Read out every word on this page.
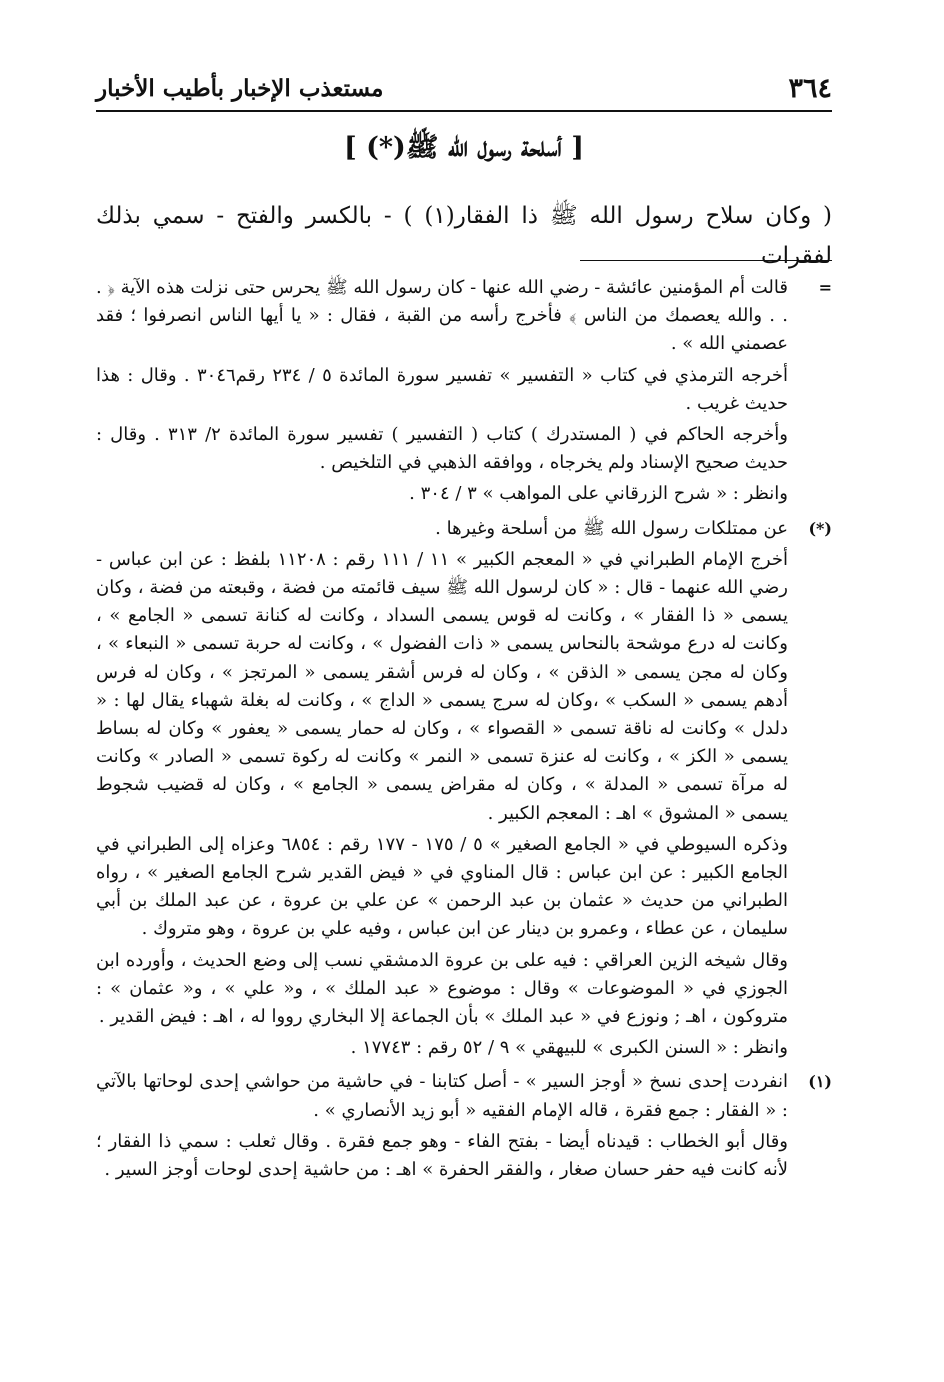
٣٦٤
مستعذب الإخبار بأطيب الأخبار
[ أسلحة رسول الله ﷺ(*) ]
( وكان سلاح رسول الله ﷺ ذا الفقار(١) ) - بالكسر والفتح - سمي بذلك لفقرات
=

قالت أم المؤمنين عائشة - رضي الله عنها - كان رسول الله ﷺ يحرس حتى نزلت هذه الآية ﴿ . . . والله يعصمك من الناس ﴾ فأخرج رأسه من القبة ، فقال : « يا أيها الناس انصرفوا ؛ فقد عصمني الله » .

أخرجه الترمذي في كتاب « التفسير » تفسير سورة المائدة ٥ / ٢٣٤ رقم٣٠٤٦ . وقال : هذا حديث غريب .

وأخرجه الحاكم في ( المستدرك ) كتاب ( التفسير ) تفسير سورة المائدة ٢/ ٣١٣ . وقال : حديث صحيح الإسناد ولم يخرجاه ، ووافقه الذهبي في التلخيص .

وانظر : « شرح الزرقاني على المواهب » ٣ / ٣٠٤ .

(*)

عن ممتلكات رسول الله ﷺ من أسلحة وغيرها .

أخرج الإمام الطبراني في « المعجم الكبير » ١١ / ١١١ رقم : ١١٢٠٨ بلفظ : عن ابن عباس - رضي الله عنهما - قال : « كان لرسول الله ﷺ سيف قائمته من فضة ، وقبعته من فضة ، وكان يسمى « ذا الفقار » ، وكانت له قوس يسمى السداد ، وكانت له كنانة تسمى « الجامع » ، وكانت له درع موشحة بالنحاس يسمى « ذات الفضول » ، وكانت له حربة تسمى « النبعاء » ، وكان له مجن يسمى « الذقن » ، وكان له فرس أشقر يسمى « المرتجز » ، وكان له فرس أدهم يسمى « السكب » ،وكان له سرج يسمى « الداج » ، وكانت له بغلة شهباء يقال لها : « دلدل » وكانت له ناقة تسمى « القصواء » ، وكان له حمار يسمى « يعفور » وكان له بساط يسمى « الكز » ، وكانت له عنزة تسمى « النمر » وكانت له ركوة تسمى « الصادر » وكانت له مرآة تسمى « المدلة » ، وكان له مقراض يسمى « الجامع » ، وكان له قضيب شجوط يسمى « المشوق » اهـ : المعجم الكبير .

وذكره السيوطي في « الجامع الصغير » ٥ / ١٧٥ - ١٧٧ رقم : ٦٨٥٤ وعزاه إلى الطبراني في الجامع الكبير : عن ابن عباس : قال المناوي في « فيض القدير شرح الجامع الصغير » ، رواه الطبراني من حديث « عثمان بن عبد الرحمن » عن علي بن عروة ، عن عبد الملك بن أبي سليمان ، عن عطاء ، وعمرو بن دينار عن ابن عباس ، وفيه علي بن عروة ، وهو متروك .

وقال شيخه الزين العراقي : فيه على بن عروة الدمشقي نسب إلى وضع الحديث ، وأورده ابن الجوزي في « الموضوعات » وقال : موضوع « عبد الملك » ، و« علي » ، و« عثمان » : متروكون ، اهـ ; ونوزع في « عبد الملك » بأن الجماعة إلا البخاري رووا له ، اهـ : فيض القدير .

وانظر : « السنن الكبرى » للبيهقي » ٩ / ٥٢ رقم : ١٧٧٤٣ .

(١)

انفردت إحدى نسخ « أوجز السير » - أصل كتابنا - في حاشية من حواشي إحدى لوحاتها بالآتي : « الفقار : جمع فقرة ، قاله الإمام الفقيه « أبو زيد الأنصاري » .

وقال أبو الخطاب : قيدناه أيضا - بفتح الفاء - وهو جمع فقرة . وقال ثعلب : سمي ذا الفقار ؛ لأنه كانت فيه حفر حسان صغار ، والفقر الحفرة » اهـ : من حاشية إحدى لوحات أوجز السير .
